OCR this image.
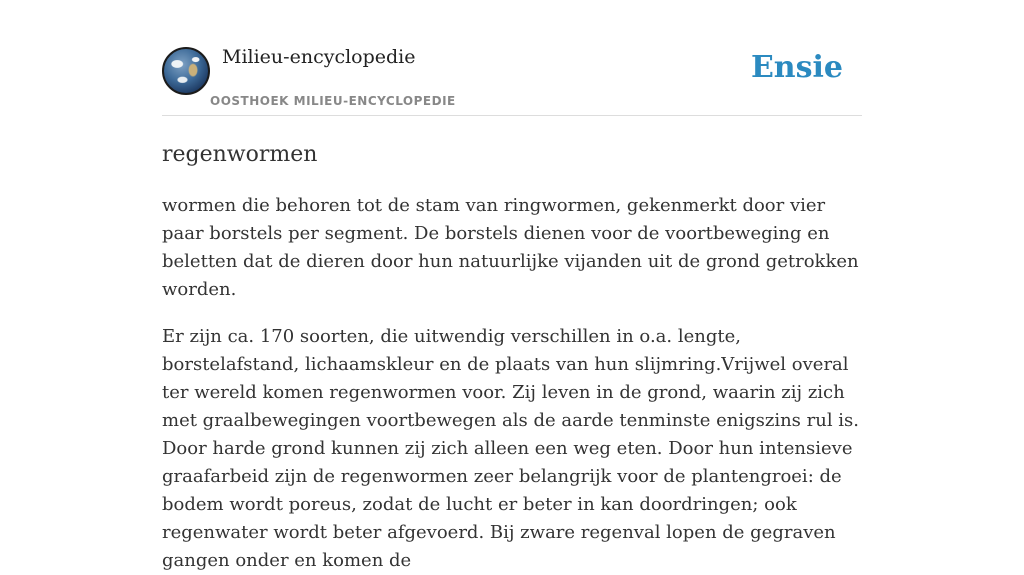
Milieu-encyclopedie
OOSTHOEK MILIEU-ENCYCLOPEDIE
Ensie
regenwormen

wormen die behoren tot de stam van ringwormen, gekenmerkt door vier paar borstels per segment. De borstels dienen voor de voortbeweging en beletten dat de dieren door hun natuurlijke vijanden uit de grond getrokken worden.

Er zijn ca. 170 soorten, die uitwendig verschillen in o.a. lengte, borstelafstand, lichaamskleur en de plaats van hun slijmring.Vrijwel overal ter wereld komen regenwormen voor. Zij leven in de grond, waarin zij zich met graalbewegingen voortbewegen als de aarde tenminste enigszins rul is. Door harde grond kunnen zij zich alleen een weg eten. Door hun intensieve graafarbeid zijn de regenwormen zeer belangrijk voor de plantengroei: de bodem wordt poreus, zodat de lucht er beter in kan doordringen; ook regenwater wordt beter afgevoerd. Bij zware regenval lopen de gegraven gangen onder en komen de
